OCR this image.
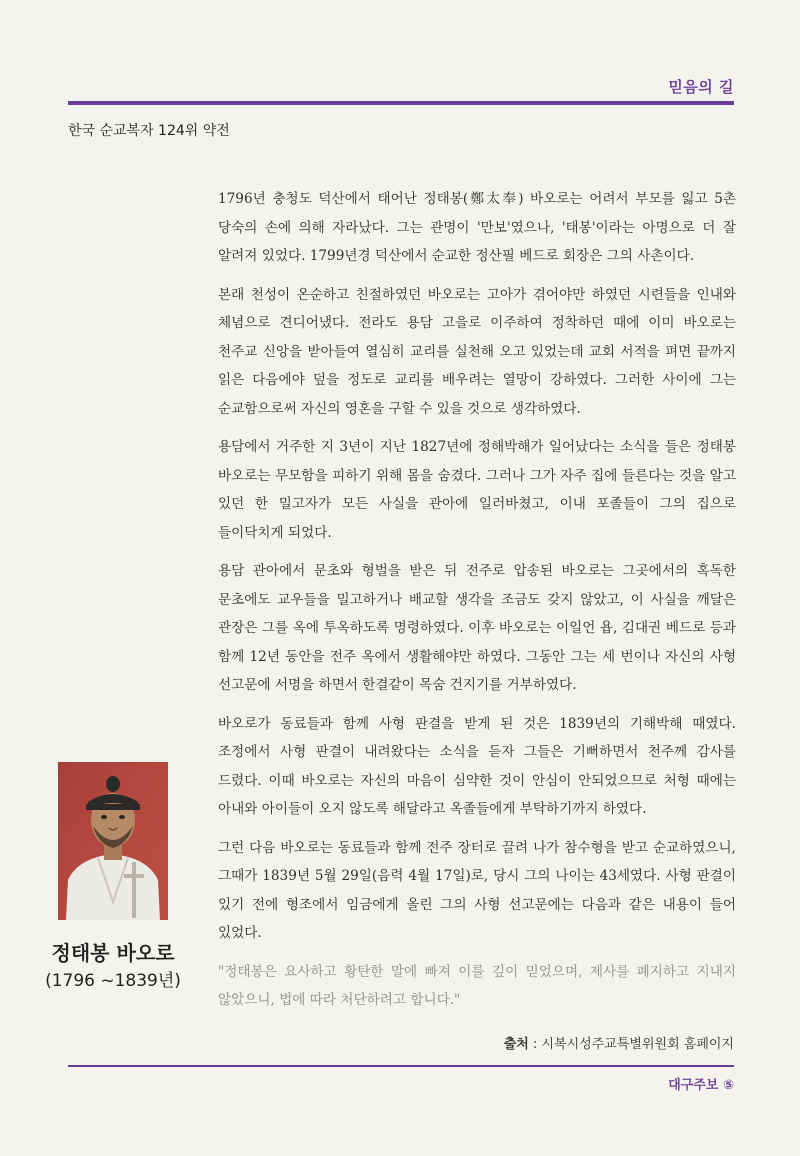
믿음의 길
한국 순교복자 124위 약전

1796년 충청도 덕산에서 태어난 정태봉(鄭太奉) 바오로는 어려서 부모를 잃고 5촌 당숙의 손에 의해 자라났다. 그는 관명이 '만보'였으나, '태봉'이라는 아명으로 더 잘 알려져 있었다. 1799년경 덕산에서 순교한 정산필 베드로 회장은 그의 사촌이다.

본래 천성이 온순하고 친절하였던 바오로는 고아가 겪어야만 하였던 시련들을 인내와 체념으로 견디어냈다. 전라도 용담 고을로 이주하여 정착하던 때에 이미 바오로는 천주교 신앙을 받아들여 열심히 교리를 실천해 오고 있었는데 교회 서적을 펴면 끝까지 읽은 다음에야 덮을 정도로 교리를 배우려는 열망이 강하였다. 그러한 사이에 그는 순교함으로써 자신의 영혼을 구할 수 있을 것으로 생각하였다.

용담에서 거주한 지 3년이 지난 1827년에 정해박해가 일어났다는 소식을 들은 정태봉 바오로는 무모함을 피하기 위해 몸을 숨겼다. 그러나 그가 자주 집에 들른다는 것을 알고 있던 한 밀고자가 모든 사실을 관아에 일러바쳤고, 이내 포졸들이 그의 집으로 들이닥치게 되었다.

용담 관아에서 문초와 형벌을 받은 뒤 전주로 압송된 바오로는 그곳에서의 혹독한 문초에도 교우들을 밀고하거나 배교할 생각을 조금도 갖지 않았고, 이 사실을 깨달은 관장은 그를 옥에 투옥하도록 명령하였다. 이후 바오로는 이일언 욥, 김대권 베드로 등과 함께 12년 동안을 전주 옥에서 생활해야만 하였다. 그동안 그는 세 번이나 자신의 사형 선고문에 서명을 하면서 한결같이 목숨 건지기를 거부하였다.

바오로가 동료들과 함께 사형 판결을 받게 된 것은 1839년의 기해박해 때였다. 조정에서 사형 판결이 내려왔다는 소식을 듣자 그들은 기뻐하면서 천주께 감사를 드렸다. 이때 바오로는 자신의 마음이 심약한 것이 안심이 안되었으므로 처형 때에는 아내와 아이들이 오지 않도록 해달라고 옥졸들에게 부탁하기까지 하였다.

그런 다음 바오로는 동료들과 함께 전주 장터로 끌려 나가 참수형을 받고 순교하였으니, 그때가 1839년 5월 29일(음력 4월 17일)로, 당시 그의 나이는 43세였다. 사형 판결이 있기 전에 형조에서 임금에게 올린 그의 사형 선고문에는 다음과 같은 내용이 들어 있었다.

"정태봉은 요사하고 황탄한 말에 빠져 이를 깊이 믿었으며, 제사를 폐지하고 지내지 않았으니, 법에 따라 처단하려고 합니다."

정태봉 바오로
(1796 ~1839년)
출처 : 시복시성주교특별위원회 홈페이지
대구주보 ⑤
